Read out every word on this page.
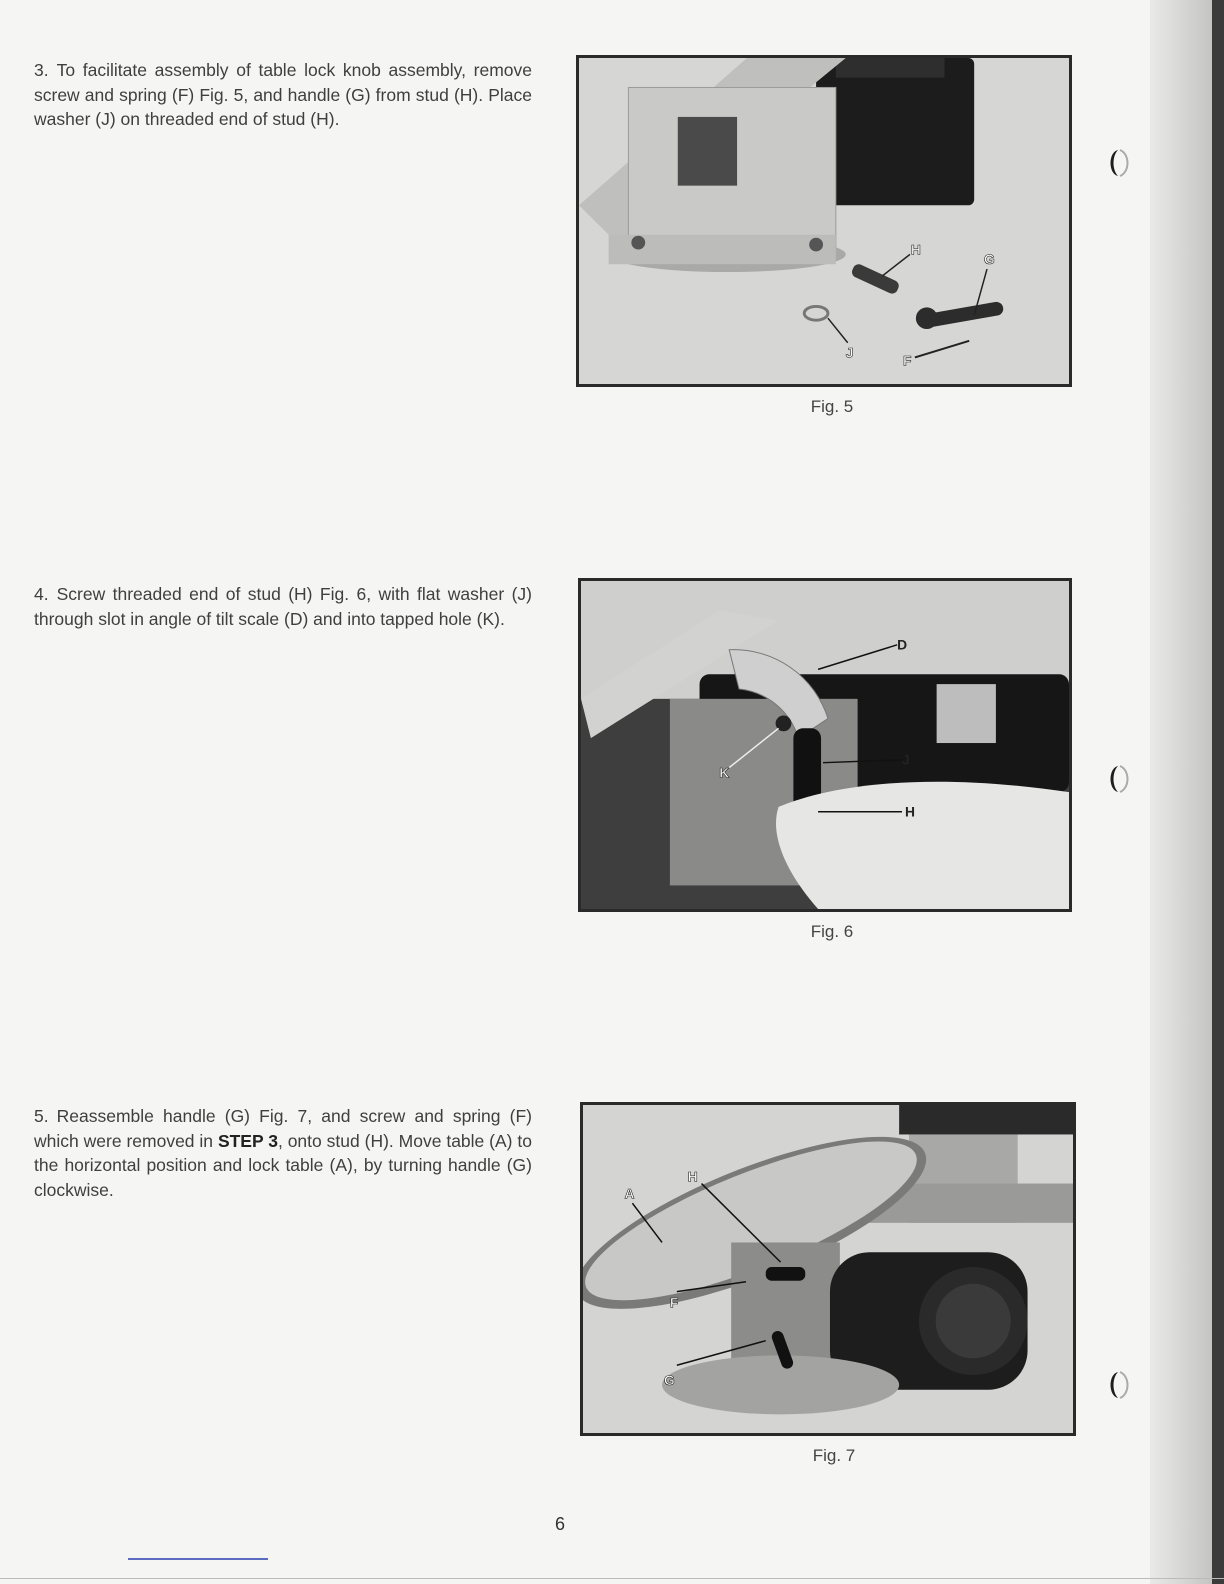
3. To facilitate assembly of table lock knob assembly, remove screw and spring (F) Fig. 5, and handle (G) from stud (H). Place washer (J) on threaded end of stud (H).

4. Screw threaded end of stud (H) Fig. 6, with flat washer (J) through slot in angle of tilt scale (D) and into tapped hole (K).

5. Reassemble handle (G) Fig. 7, and screw and spring (F) which were removed in STEP 3, onto stud (H). Move table (A) to the horizontal position and lock table (A), by turning handle (G) clockwise.

H
G
J
F
Fig. 5
D
J
H
K
Fig. 6
A
H
F
G
Fig. 7
6
